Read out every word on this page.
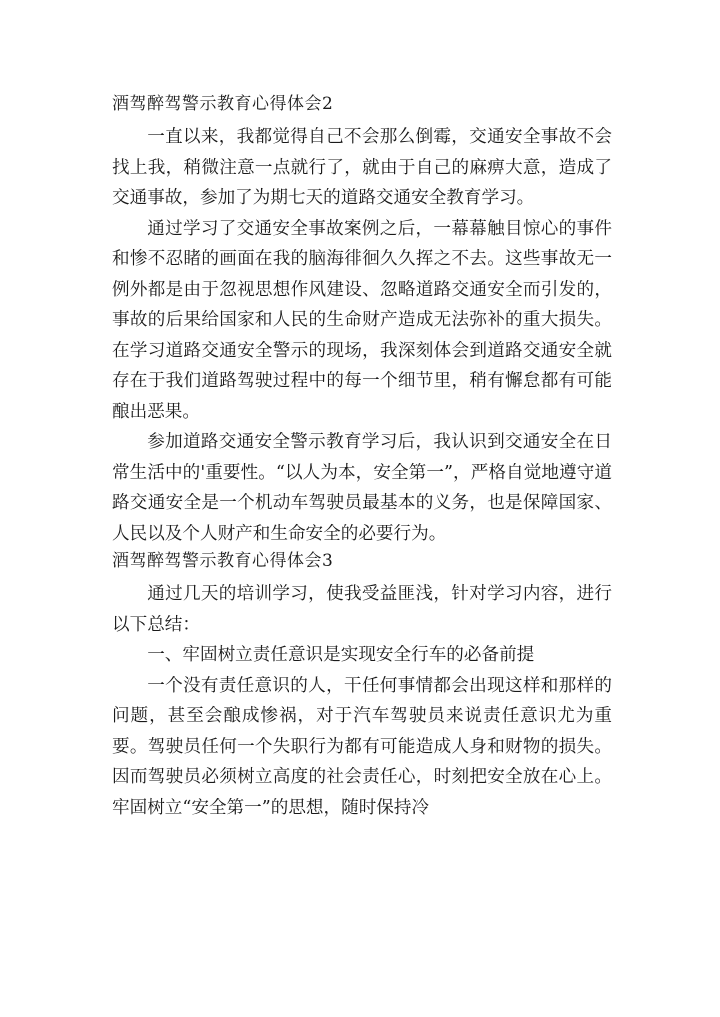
酒驾醉驾警示教育心得体会2

一直以来，我都觉得自己不会那么倒霉，交通安全事故不会找上我，稍微注意一点就行了，就由于自己的麻痹大意，造成了交通事故，参加了为期七天的道路交通安全教育学习。

通过学习了交通安全事故案例之后，一幕幕触目惊心的事件和惨不忍睹的画面在我的脑海徘徊久久挥之不去。这些事故无一例外都是由于忽视思想作风建设、忽略道路交通安全而引发的，事故的后果给国家和人民的生命财产造成无法弥补的重大损失。在学习道路交通安全警示的现场，我深刻体会到道路交通安全就存在于我们道路驾驶过程中的每一个细节里，稍有懈怠都有可能酿出恶果。

参加道路交通安全警示教育学习后，我认识到交通安全在日常生活中的'重要性。“以人为本，安全第一”，严格自觉地遵守道路交通安全是一个机动车驾驶员最基本的义务，也是保障国家、人民以及个人财产和生命安全的必要行为。

酒驾醉驾警示教育心得体会3

通过几天的培训学习，使我受益匪浅，针对学习内容，进行以下总结：

一、牢固树立责任意识是实现安全行车的必备前提

一个没有责任意识的人，干任何事情都会出现这样和那样的问题，甚至会酿成惨祸，对于汽车驾驶员来说责任意识尤为重要。驾驶员任何一个失职行为都有可能造成人身和财物的损失。因而驾驶员必须树立高度的社会责任心，时刻把安全放在心上。牢固树立“安全第一”的思想，随时保持冷
